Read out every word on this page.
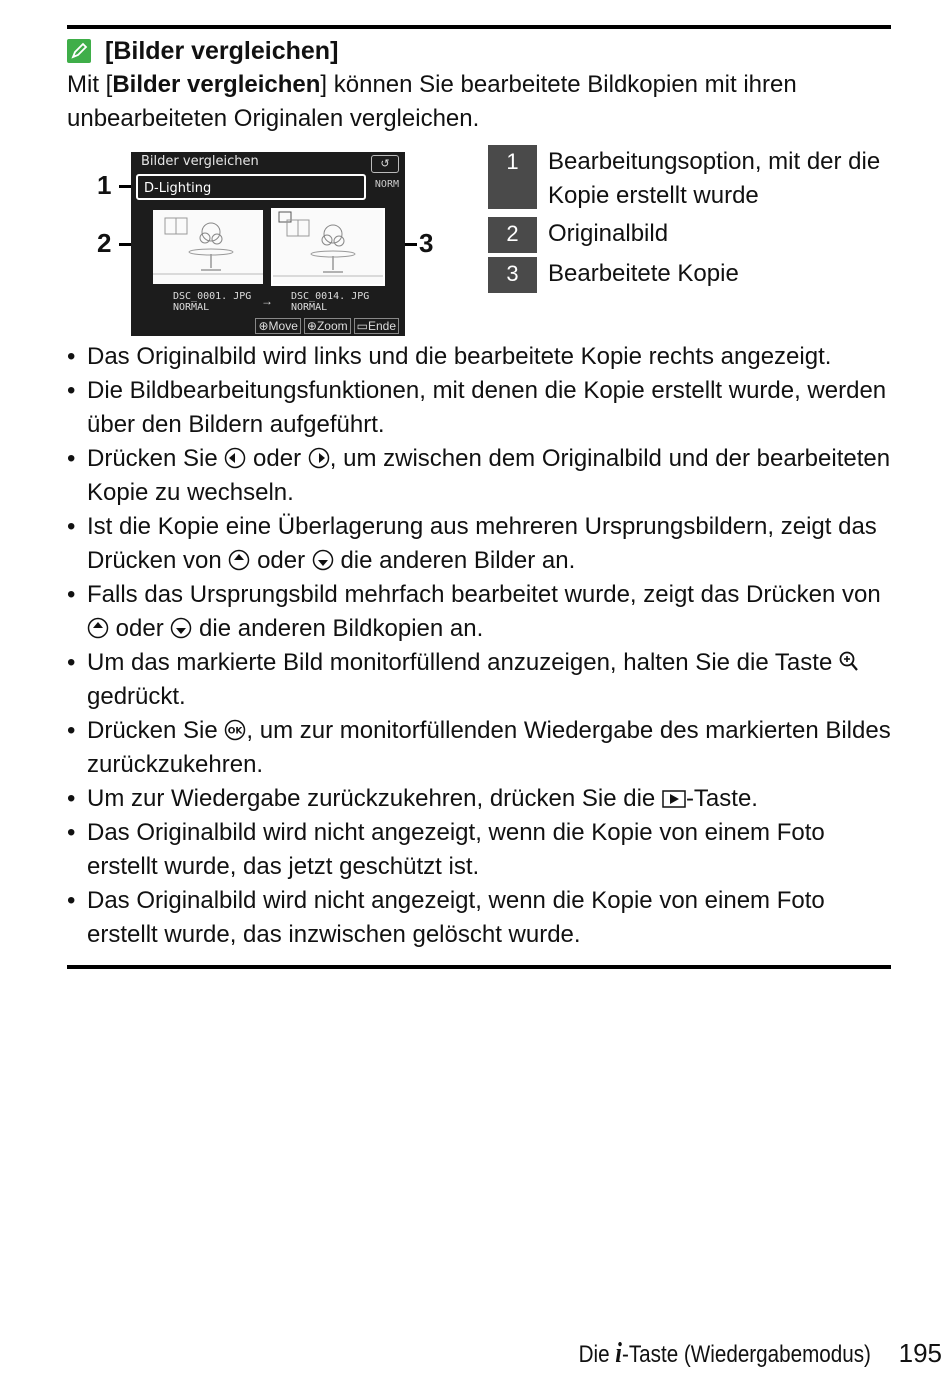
[Bilder vergleichen]
Mit [Bilder vergleichen] können Sie bearbeitete Bildkopien mit ihren unbearbeiteten Originalen vergleichen.
1
2	3
Bilder vergleichen	↺
D-Lighting	NORM
DSC_0001. JPG
NORMAL	→ DSC_0014. JPG
NORMAL
⊕Move ⊕Zoom ▭Ende
1	Bearbeitungsoption, mit der die Kopie erstellt wurde
2	Originalbild
3	Bearbeitete Kopie
• Das Originalbild wird links und die bearbeitete Kopie rechts angezeigt.
• Die Bildbearbeitungsfunktionen, mit denen die Kopie erstellt wurde, werden über den Bildern aufgeführt.
• Drücken Sie  oder , um zwischen dem Originalbild und der bearbeiteten Kopie zu wechseln.
• Ist die Kopie eine Überlagerung aus mehreren Ursprungsbildern, zeigt das Drücken von  oder  die anderen Bilder an.
• Falls das Ursprungsbild mehrfach bearbeitet wurde, zeigt das Drücken von  oder  die anderen Bildkopien an.
• Um das markierte Bild monitorfüllend anzuzeigen, halten Sie die Taste  gedrückt.
• Drücken Sie OK , um zur monitorfüllenden Wiedergabe des markierten Bildes zurückzukehren.
• Um zur Wiedergabe zurückzukehren, drücken Sie die -Taste.
• Das Originalbild wird nicht angezeigt, wenn die Kopie von einem Foto erstellt wurde, das jetzt geschützt ist.
• Das Originalbild wird nicht angezeigt, wenn die Kopie von einem Foto erstellt wurde, das inzwischen gelöscht wurde.
Die i-Taste (Wiedergabemodus) 195
